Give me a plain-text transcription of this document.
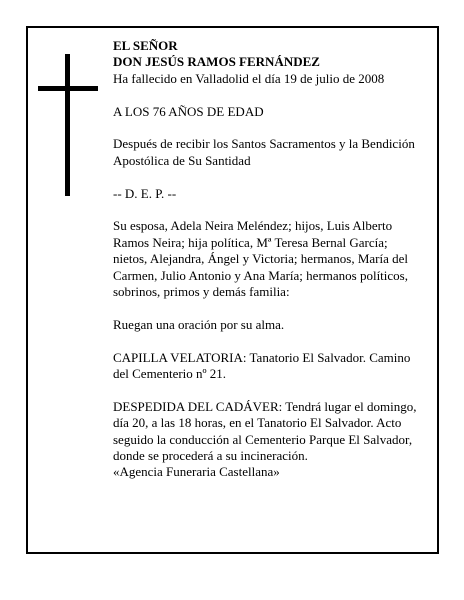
EL SEÑOR

DON JESÚS RAMOS FERNÁNDEZ

Ha fallecido en Valladolid el día 19 de julio de 2008

A LOS 76 AÑOS DE EDAD

Después de recibir los Santos Sacramentos y la Bendición Apostólica de Su Santidad

-- D. E. P. --

Su esposa, Adela Neira Meléndez; hijos, Luis Alberto Ramos Neira; hija política, Mª Teresa Bernal García; nietos, Alejandra, Ángel y Victoria; hermanos, María del Carmen, Julio Antonio y Ana María; hermanos políticos, sobrinos, primos y demás familia:

Ruegan una oración por su alma.

CAPILLA VELATORIA: Tanatorio El Salvador. Camino del Cementerio nº 21.

DESPEDIDA DEL CADÁVER: Tendrá lugar el domingo, día 20, a las 18 horas, en el Tanatorio El Salvador. Acto seguido la conducción al Cementerio Parque El Salvador, donde se procederá a su incineración.

«Agencia Funeraria Castellana»
